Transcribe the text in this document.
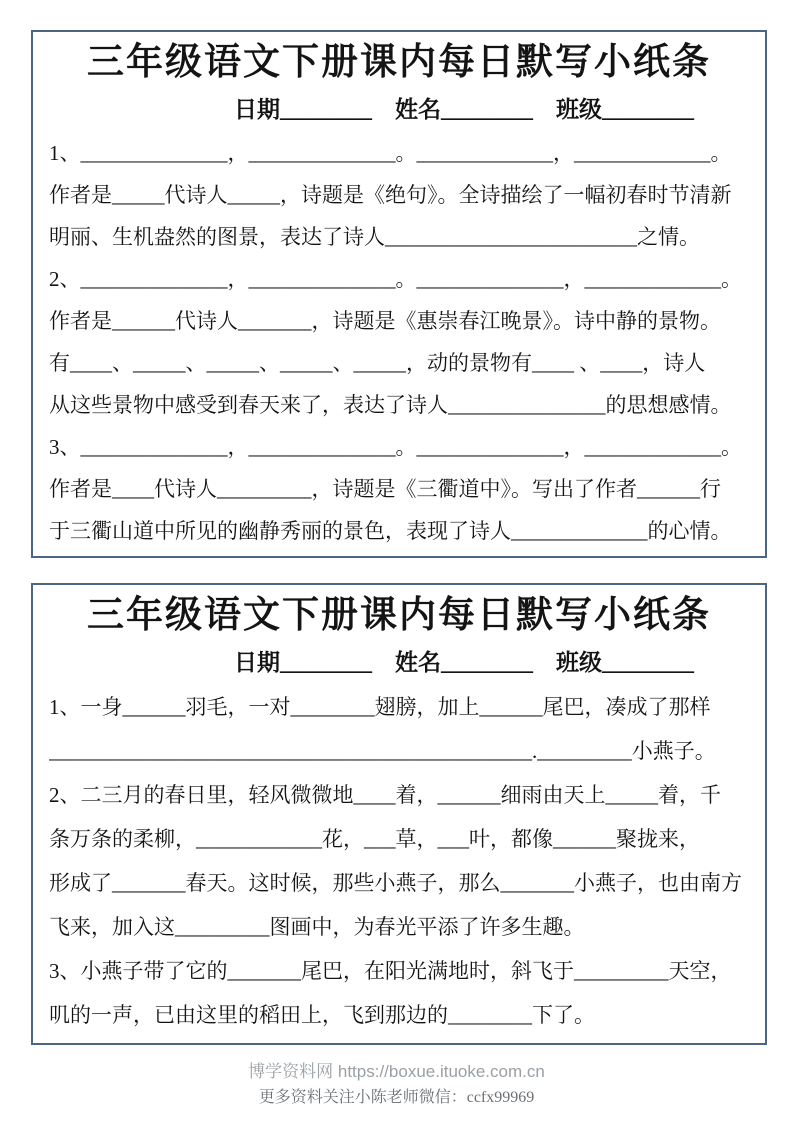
三年级语文下册课内每日默写小纸条
日期________　姓名________　班级________
1、______________，______________。_____________，_____________。
作者是_____代诗人_____，诗题是《绝句》。全诗描绘了一幅初春时节清新
明丽、生机盎然的图景，表达了诗人________________________之情。
2、______________，______________。______________，_____________。
作者是______代诗人_______，诗题是《惠崇春江晚景》。诗中静的景物。
有____、_____、_____、_____、_____，动的景物有____ 、____，诗人
从这些景物中感受到春天来了，表达了诗人_______________的思想感情。
3、______________，______________。______________，_____________。
作者是____代诗人_________，诗题是《三衢道中》。写出了作者______行
于三衢山道中所见的幽静秀丽的景色，表现了诗人_____________的心情。
三年级语文下册课内每日默写小纸条
日期________　姓名________　班级________
1、一身______羽毛，一对________翅膀，加上______尾巴，凑成了那样
______________________________________________._________小燕子。
2、二三月的春日里，轻风微微地____着，______细雨由天上_____着，千
条万条的柔柳，____________花，___草，___叶，都像______聚拢来，
形成了_______春天。这时候，那些小燕子，那么_______小燕子，也由南方
飞来，加入这_________图画中，为春光平添了许多生趣。
3、小燕子带了它的_______尾巴，在阳光满地时，斜飞于_________天空，
叽的一声，已由这里的稻田上，飞到那边的________下了。
博学资料网 https://boxue.ituoke.com.cn
更多资料关注小陈老师微信：ccfx99969
